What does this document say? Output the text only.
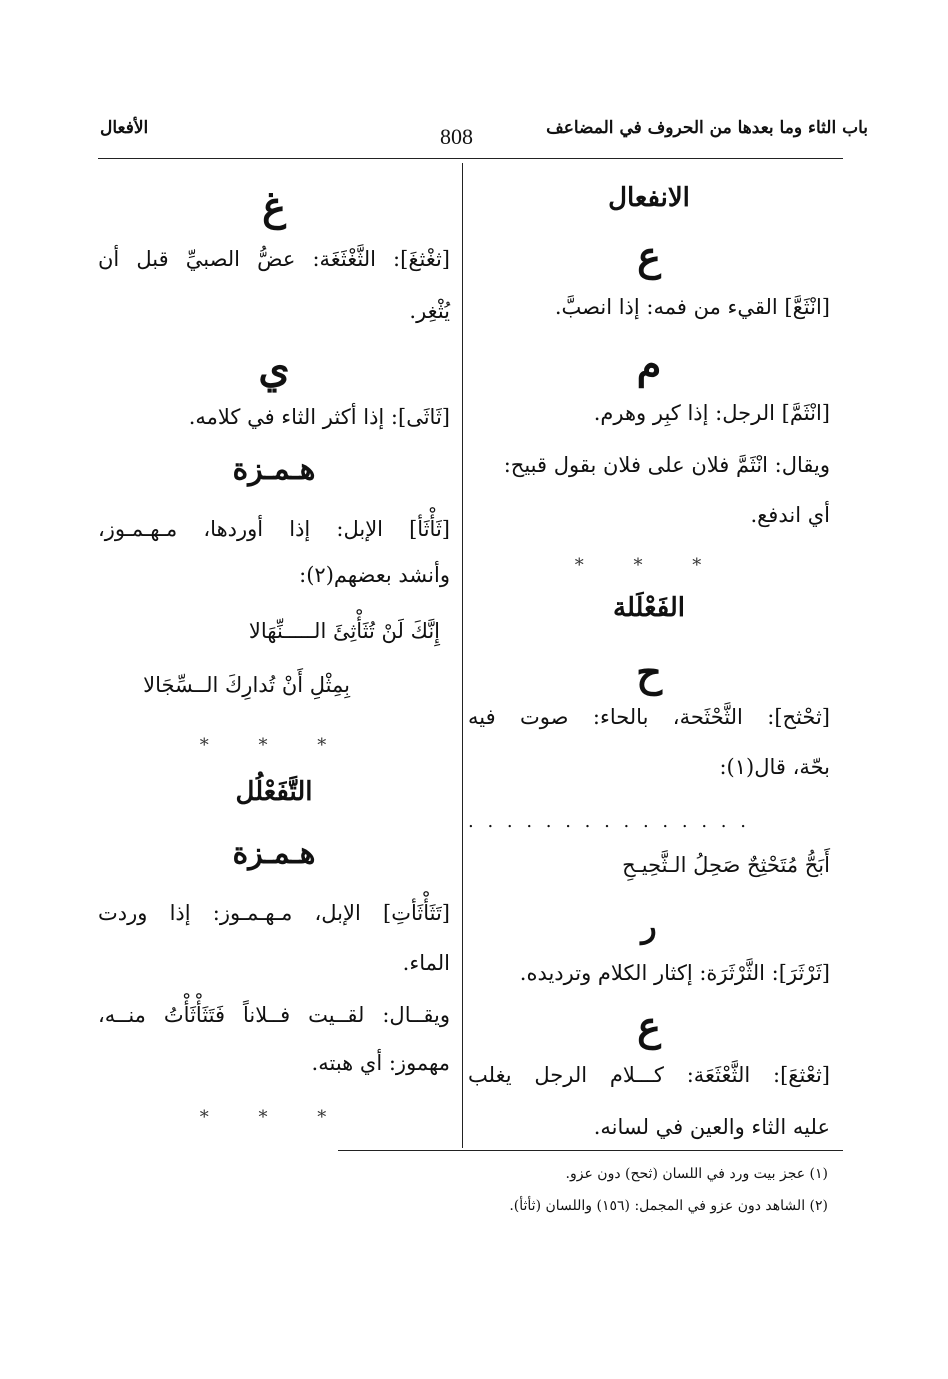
باب الثاء وما بعدها من الحروف في المضاعف
808
الأفعال
الانفعال
ع
[انْثَعَّ] القيء من فمه: إذا انصبَّ.
م
[انْثَمَّ] الرجل: إذا كبِر وهرم.
ويقال: انْثَمَّ فلان على فلان بقول قبيح:
أي اندفع.
* * *
الفَعْلَلة
ح
[ثحْثح]: الثَّحْثَحة، بالحاء: صوت فيه
بحّة، قال(١):
. . . . . . . . . . . . . . .
أَبَحُّ مُتَحْثِحٌ صَحِلُ الـثَّحِيـحِ
ر
[ثَرْثَرَ]: الثَّرْثَرَة: إكثار الكلام وترديده.
ع
[ثعْثعَ]: الثَّعْثَعَة: كـــلام الرجل يغلب
عليه الثاء والعين في لسانه.
غ
[ثغْثغَ]: الثَّغْثَغَة: عضُّ الصبيِّ قبل أن
يُثْغِر.
ي
[ثَاثَى]: إذا أكثر الثاء في كلامه.
هـمـزة
[ثَأْثَأ] الإبل: إذا أوردها، مـهـمـوز،
وأنشد بعضهم(٢):
إِنَّكَ لَنْ تُثَأْثِئَ الـــــنِّهَالا
بِمِثْلِ أَنْ تُدارِكَ الــسِّجَالا
* * *
التَّفَعْلُل
هـمـزة
[تَثَأْثَأتِ] الإبل، مـهـمـوز: إذا وردت
الماء.
ويقــال: لقــيت فــلاناً فَتَثَأْثَأْتُ منــه،
مهموز: أي هبته.
* * *
(١) عجز بيت ورد في اللسان (ثحح) دون عزو.
(٢) الشاهد دون عزو في المجمل: (١٥٦) واللسان (ثأثأ).
